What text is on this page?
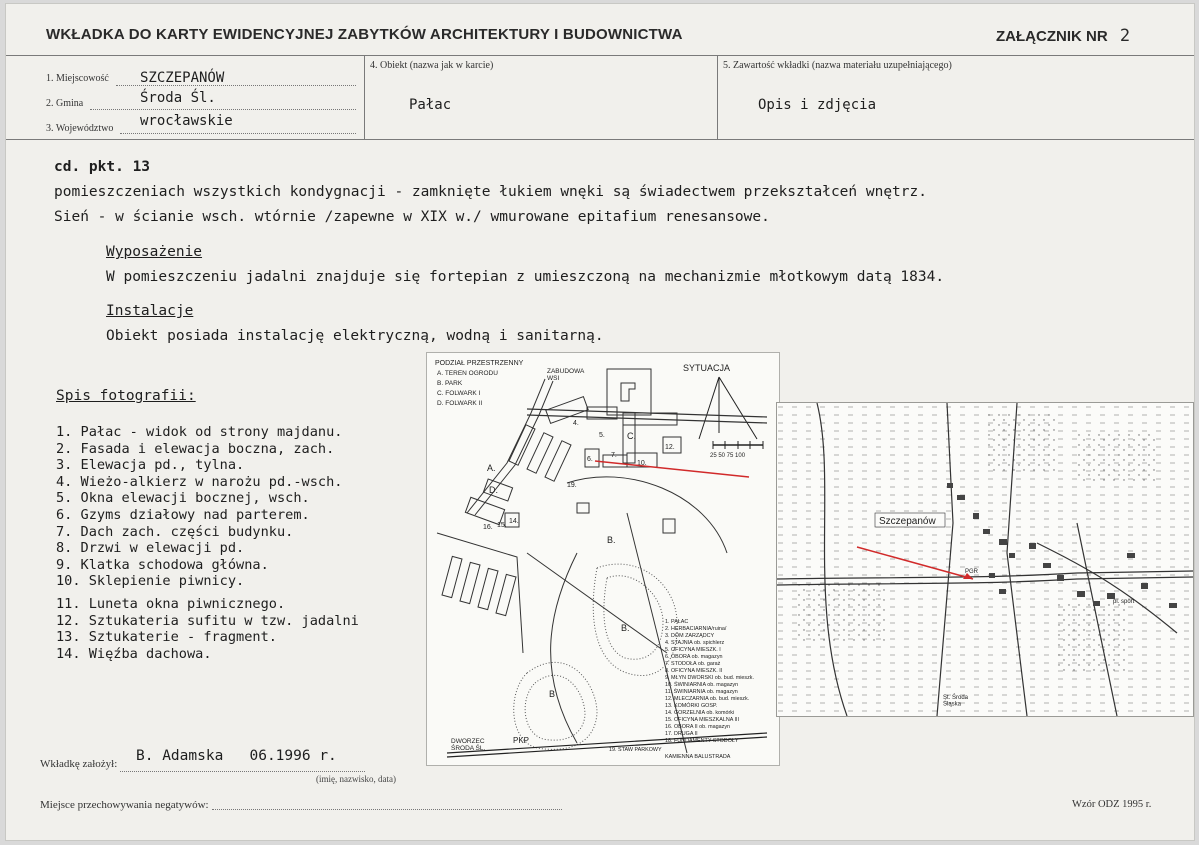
WKŁADKA DO KARTY EWIDENCYJNEJ ZABYTKÓW ARCHITEKTURY I BUDOWNICTWA	ZAŁĄCZNIK NR 2
1. Miejscowość SZCZEPANÓW
2. Gmina	Środa Śl.
3. Województwo wrocławskie
4. Obiekt (nazwa jak w karcie)
Pałac
5. Zawartość wkładki (nazwa materiału uzupełniającego)
Opis i zdjęcia
cd. pkt. 13
pomieszczeniach wszystkich kondygnacji - zamknięte łukiem wnęki są świadectwem przekształceń wnętrz.
Sień - w ścianie wsch. wtórnie /zapewne w XIX w./ wmurowane epitafium renesansowe.
Wyposażenie
W pomieszczeniu jadalni znajduje się fortepian z umieszczoną na mechanizmie młotkowym datą 1834.
Instalacje
Obiekt posiada instalację elektryczną, wodną i sanitarną.
Spis fotografii:
1. Pałac - widok od strony majdanu.
2. Fasada i elewacja boczna, zach.
3. Elewacja pd., tylna.
4. Wieżo-alkierz w narożu pd.-wsch.
5. Okna elewacji bocznej, wsch.
6. Gzyms działowy nad parterem.
7. Dach zach. części budynku.
8. Drzwi w elewacji pd.
9. Klatka schodowa główna.
10. Sklepienie piwnicy.
11. Luneta okna piwnicznego.
12. Sztukateria sufitu w tzw. jadalni
13. Sztukaterie - fragment.
14. Więźba dachowa.
PODZIAŁ PRZESTRZENNY
A. TEREN OGRODU
B. PARK
C. FOLWARK I
D. FOLWARK II
ZABUDOWA WSI
SYTUACJA
25 50 75 100
A.
B.
B.
B
C.
D.
4.
5.
6.
7.
10.
12.
14.
15.
16.
19.
PKP
DWORZEC ŚRODA ŚL.
1. PAŁAC
2. HERBACIARNIA/ruina/
3. DOM ZARZĄDCY
4. STAJNIA ob. spichlerz
5. OFICYNA MIESZK. I
6. OBORA ob. magazyn
7. STODOŁA ob. garaż
8. OFICYNA MIESZK. II
9. MŁYN DWORSKI ob. bud. mieszk.
10. ŚWINIARNIA ob. magazyn
11. ŚWINIARNIA ob. magazyn
12. MLECZARNIA ob. bud. mieszk.
13. KOMÓRKI GOSP.
14. GORZELNIA ob. komórki
15. OFICYNA MIESZKALNA III
16. OBORA II ob. magazyn
17. DRUGA II
18. FUNDAMENTY STODOŁY
19. STAW PARKOWY
KAMIENNA BALUSTRADA
Szczepanów
PGR
St. Środa Śląska
pl. sport
Wkładkę założył: B. Adamska   06.1996 r.
(imię, nazwisko, data)
Miejsce przechowywania negatywów:	Wzór ODZ 1995 r.
